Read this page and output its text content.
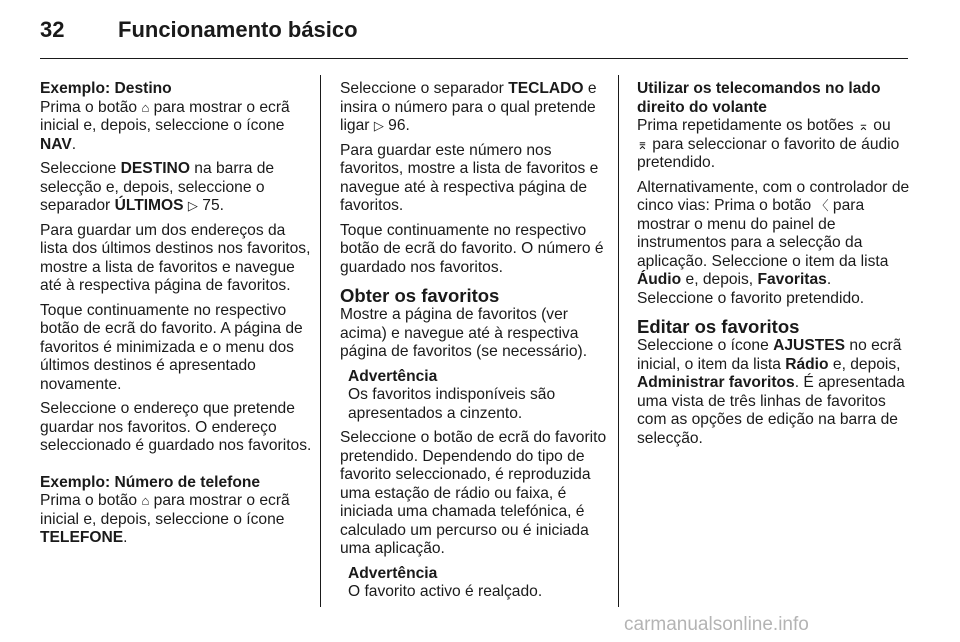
32 Funcionamento básico

Exemplo: Destino

Prima o botão ⌂ para mostrar o ecrã inicial e, depois, seleccione o ícone NAV.

Seleccione DESTINO na barra de selecção e, depois, seleccione o separador ÚLTIMOS ▷ 75.

Para guardar um dos endereços da lista dos últimos destinos nos favoritos, mostre a lista de favoritos e navegue até à respectiva página de favoritos.

Toque continuamente no respectivo botão de ecrã do favorito. A página de favoritos é minimizada e o menu dos últimos destinos é apresentado novamente.

Seleccione o endereço que pretende guardar nos favoritos. O endereço seleccionado é guardado nos favoritos.

Exemplo: Número de telefone

Prima o botão ⌂ para mostrar o ecrã inicial e, depois, seleccione o ícone TELEFONE.

Seleccione o separador TECLADO e insira o número para o qual pretende ligar ▷ 96.

Para guardar este número nos favoritos, mostre a lista de favoritos e navegue até à respectiva página de favoritos.

Toque continuamente no respectivo botão de ecrã do favorito. O número é guardado nos favoritos.

Obter os favoritos

Mostre a página de favoritos (ver acima) e navegue até à respectiva página de favoritos (se necessário).

Advertência

Os favoritos indisponíveis são apresentados a cinzento.

Seleccione o botão de ecrã do favorito pretendido. Dependendo do tipo de favorito seleccionado, é reproduzida uma estação de rádio ou faixa, é iniciada uma chamada telefónica, é calculado um percurso ou é iniciada uma aplicação.

Advertência

O favorito activo é realçado.

Utilizar os telecomandos no lado direito do volante

Prima repetidamente os botões ⌅ ou
⌆ para seleccionar o favorito de áudio pretendido.

Alternativamente, com o controlador de cinco vias: Prima o botão 〈 para mostrar o menu do painel de instrumentos para a selecção da aplicação. Seleccione o item da lista Áudio e, depois, Favoritas.
Seleccione o favorito pretendido.

Editar os favoritos

Seleccione o ícone AJUSTES no ecrã inicial, o item da lista Rádio e, depois, Administrar favoritos. É apresentada uma vista de três linhas de favoritos com as opções de edição na barra de selecção.

carmanualsonline.info
